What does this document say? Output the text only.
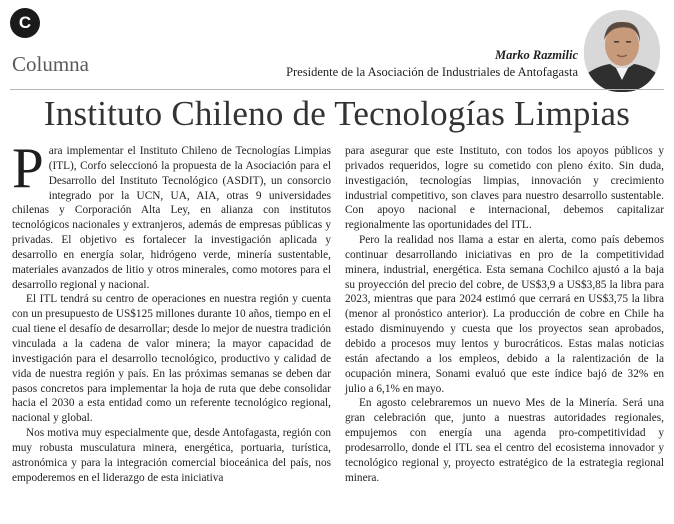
C
Columna	Marko Razmilic
Presidente de la Asociación de Industriales de Antofagasta
Instituto Chileno de Tecnologías Limpias

Para implementar el Instituto Chileno de Tecnologías Limpias (ITL), Corfo seleccionó la propuesta de la Asociación para el Desarrollo del Instituto Tecnológico (ASDIT), un consorcio integrado por la UCN, UA, AIA, otras 9 universidades chilenas y Corporación Alta Ley, en alianza con institutos tecnológicos nacionales y extranjeros, además de empresas públicas y privadas. El objetivo es fortalecer la investigación aplicada y desarrollo en energía solar, hidrógeno verde, minería sustentable, materiales avanzados de litio y otros minerales, como motores para el desarrollo regional y nacional.

El ITL tendrá su centro de operaciones en nuestra región y cuenta con un presupuesto de US$125 millones durante 10 años, tiempo en el cual tiene el desafío de desarrollar; desde lo mejor de nuestra tradición vinculada a la cadena de valor minera; la mayor capacidad de investigación para el desarrollo tecnológico, productivo y calidad de vida de nuestra región y país. En las próximas semanas se deben dar pasos concretos para implementar la hoja de ruta que debe consolidar hacia el 2030 a esta entidad como un referente tecnológico regional, nacional y global.

Nos motiva muy especialmente que, desde Antofagasta, región con muy robusta musculatura minera, energética, portuaria, turística, astronómica y para la integración comercial bioceánica del país, nos empoderemos en el liderazgo de esta iniciativa

para asegurar que este Instituto, con todos los apoyos públicos y privados requeridos, logre su cometido con pleno éxito. Sin duda, investigación, tecnologías limpias, innovación y crecimiento industrial competitivo, son claves para nuestro desarrollo sustentable. Con apoyo nacional e internacional, debemos capitalizar regionalmente las oportunidades del ITL.

Pero la realidad nos llama a estar en alerta, como país debemos continuar desarrollando iniciativas en pro de la competitividad minera, industrial, energética. Esta semana Cochilco ajustó a la baja su proyección del precio del cobre, de US$3,9 a US$3,85 la libra para 2023, mientras que para 2024 estimó que cerrará en US$3,75 la libra (menor al pronóstico anterior). La producción de cobre en Chile ha estado disminuyendo y cuesta que los proyectos sean aprobados, debido a procesos muy lentos y burocráticos. Estas malas noticias están afectando a los empleos, debido a la ralentización de la ocupación minera, Sonami evaluó que este índice bajó de 32% en julio a 6,1% en mayo.

En agosto celebraremos un nuevo Mes de la Minería. Será una gran celebración que, junto a nuestras autoridades regionales, empujemos con energía una agenda pro-competitividad y prodesarrollo, donde el ITL sea el centro del ecosistema innovador y tecnológico regional y, proyecto estratégico de la estrategia regional minera.
